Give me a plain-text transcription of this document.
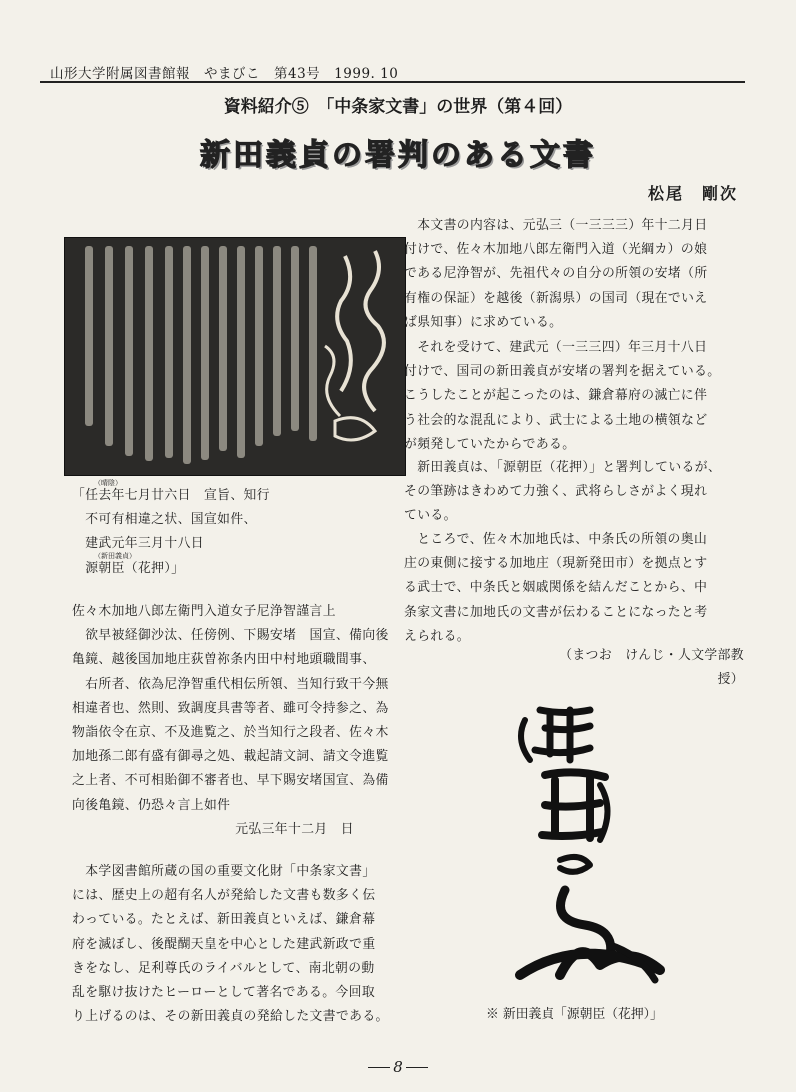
山形大学附属図書館報　やまびこ　第43号　1999. 10
資料紹介⑤　「中条家文書」の世界（第４回）
新田義貞の署判のある文書
松尾　剛次
「任去年七月廿六日　宣旨、知行
　不可有相違之状、国宣如件、
　建武元年三月十八日
　源朝臣（花押）」
（晴陰）
（新田義貞）
佐々木加地八郎左衛門入道女子尼浄智謹言上
　欲早被経御沙汰、任傍例、下賜安堵　国宣、備向後
亀鏡、越後国加地庄荻曽祢条内田中村地頭職間事、
　右所者、依為尼浄智重代相伝所領、当知行致干今無
相違者也、然則、致調度具書等者、雖可令持参之、為
物詣依令在京、不及進覧之、於当知行之段者、佐々木
加地孫二郎有盛有御尋之処、載起請文詞、請文令進覧
之上者、不可相貽御不審者也、早下賜安堵国宣、為備
向後亀鏡、仍恐々言上如件
元弘三年十二月　日
　本学図書館所蔵の国の重要文化財「中条家文書」
には、歴史上の超有名人が発給した文書も数多く伝
わっている。たとえば、新田義貞といえば、鎌倉幕
府を滅ぼし、後醍醐天皇を中心とした建武新政で重
きをなし、足利尊氏のライバルとして、南北朝の動
乱を駆け抜けたヒーローとして著名である。今回取
り上げるのは、その新田義貞の発給した文書である。
　本文書の内容は、元弘三（一三三三）年十二月日
付けで、佐々木加地八郎左衛門入道（光綱カ）の娘
である尼浄智が、先祖代々の自分の所領の安堵（所
有権の保証）を越後（新潟県）の国司（現在でいえ
ば県知事）に求めている。
　それを受けて、建武元（一三三四）年三月十八日
付けで、国司の新田義貞が安堵の署判を据えている。
こうしたことが起こったのは、鎌倉幕府の滅亡に伴
う社会的な混乱により、武士による土地の横領など
が頻発していたからである。
　新田義貞は、「源朝臣（花押）」と署判しているが、
その筆跡はきわめて力強く、武将らしさがよく現れ
ている。
　ところで、佐々木加地氏は、中条氏の所領の奥山
庄の東側に接する加地庄（現新発田市）を拠点とす
る武士で、中条氏と姻戚関係を結んだことから、中
条家文書に加地氏の文書が伝わることになったと考
えられる。
（まつお　けんじ・人文学部教授）
※ 新田義貞「源朝臣（花押）」
8
